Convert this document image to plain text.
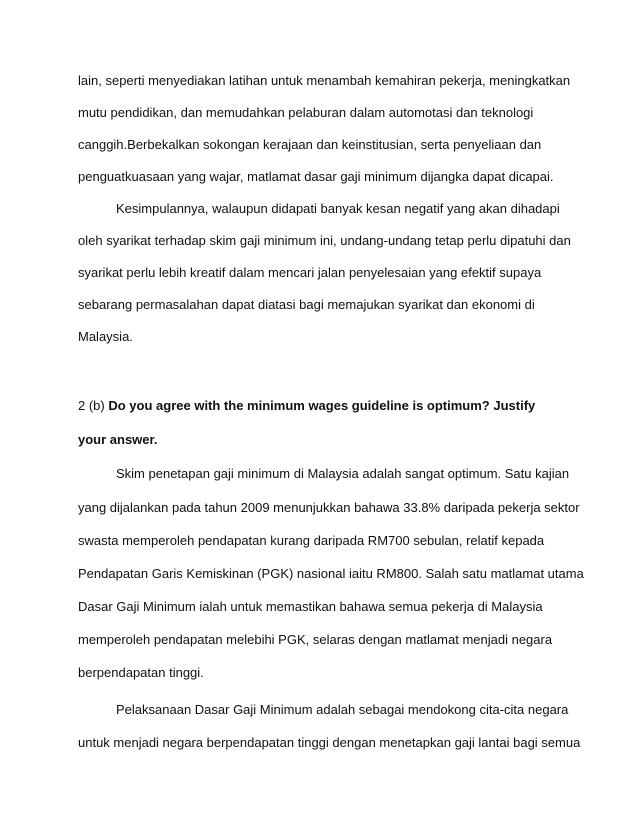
lain, seperti menyediakan latihan untuk menambah kemahiran pekerja, meningkatkan
mutu pendidikan, dan memudahkan pelaburan dalam automotasi dan teknologi
canggih.Berbekalkan sokongan kerajaan dan keinstitusian, serta penyeliaan dan
penguatkuasaan yang wajar, matlamat dasar gaji minimum dijangka dapat dicapai.
Kesimpulannya, walaupun didapati banyak kesan negatif yang akan dihadapi
oleh syarikat terhadap skim gaji minimum ini, undang-undang tetap perlu dipatuhi dan
syarikat perlu lebih kreatif dalam mencari jalan penyelesaian yang efektif supaya
sebarang permasalahan dapat diatasi bagi memajukan syarikat dan ekonomi di
Malaysia.
2 (b) Do you agree with the minimum wages guideline is optimum? Justify
your answer.
Skim penetapan gaji minimum di Malaysia adalah sangat optimum. Satu kajian
yang dijalankan pada tahun 2009 menunjukkan bahawa 33.8% daripada pekerja sektor
swasta memperoleh pendapatan kurang daripada RM700 sebulan, relatif kepada
Pendapatan Garis Kemiskinan (PGK) nasional iaitu RM800. Salah satu matlamat utama
Dasar Gaji Minimum ialah untuk memastikan bahawa semua pekerja di Malaysia
memperoleh pendapatan melebihi PGK, selaras dengan matlamat menjadi negara
berpendapatan tinggi.
Pelaksanaan Dasar Gaji Minimum adalah sebagai mendokong cita-cita negara
untuk menjadi negara berpendapatan tinggi dengan menetapkan gaji lantai bagi semua
